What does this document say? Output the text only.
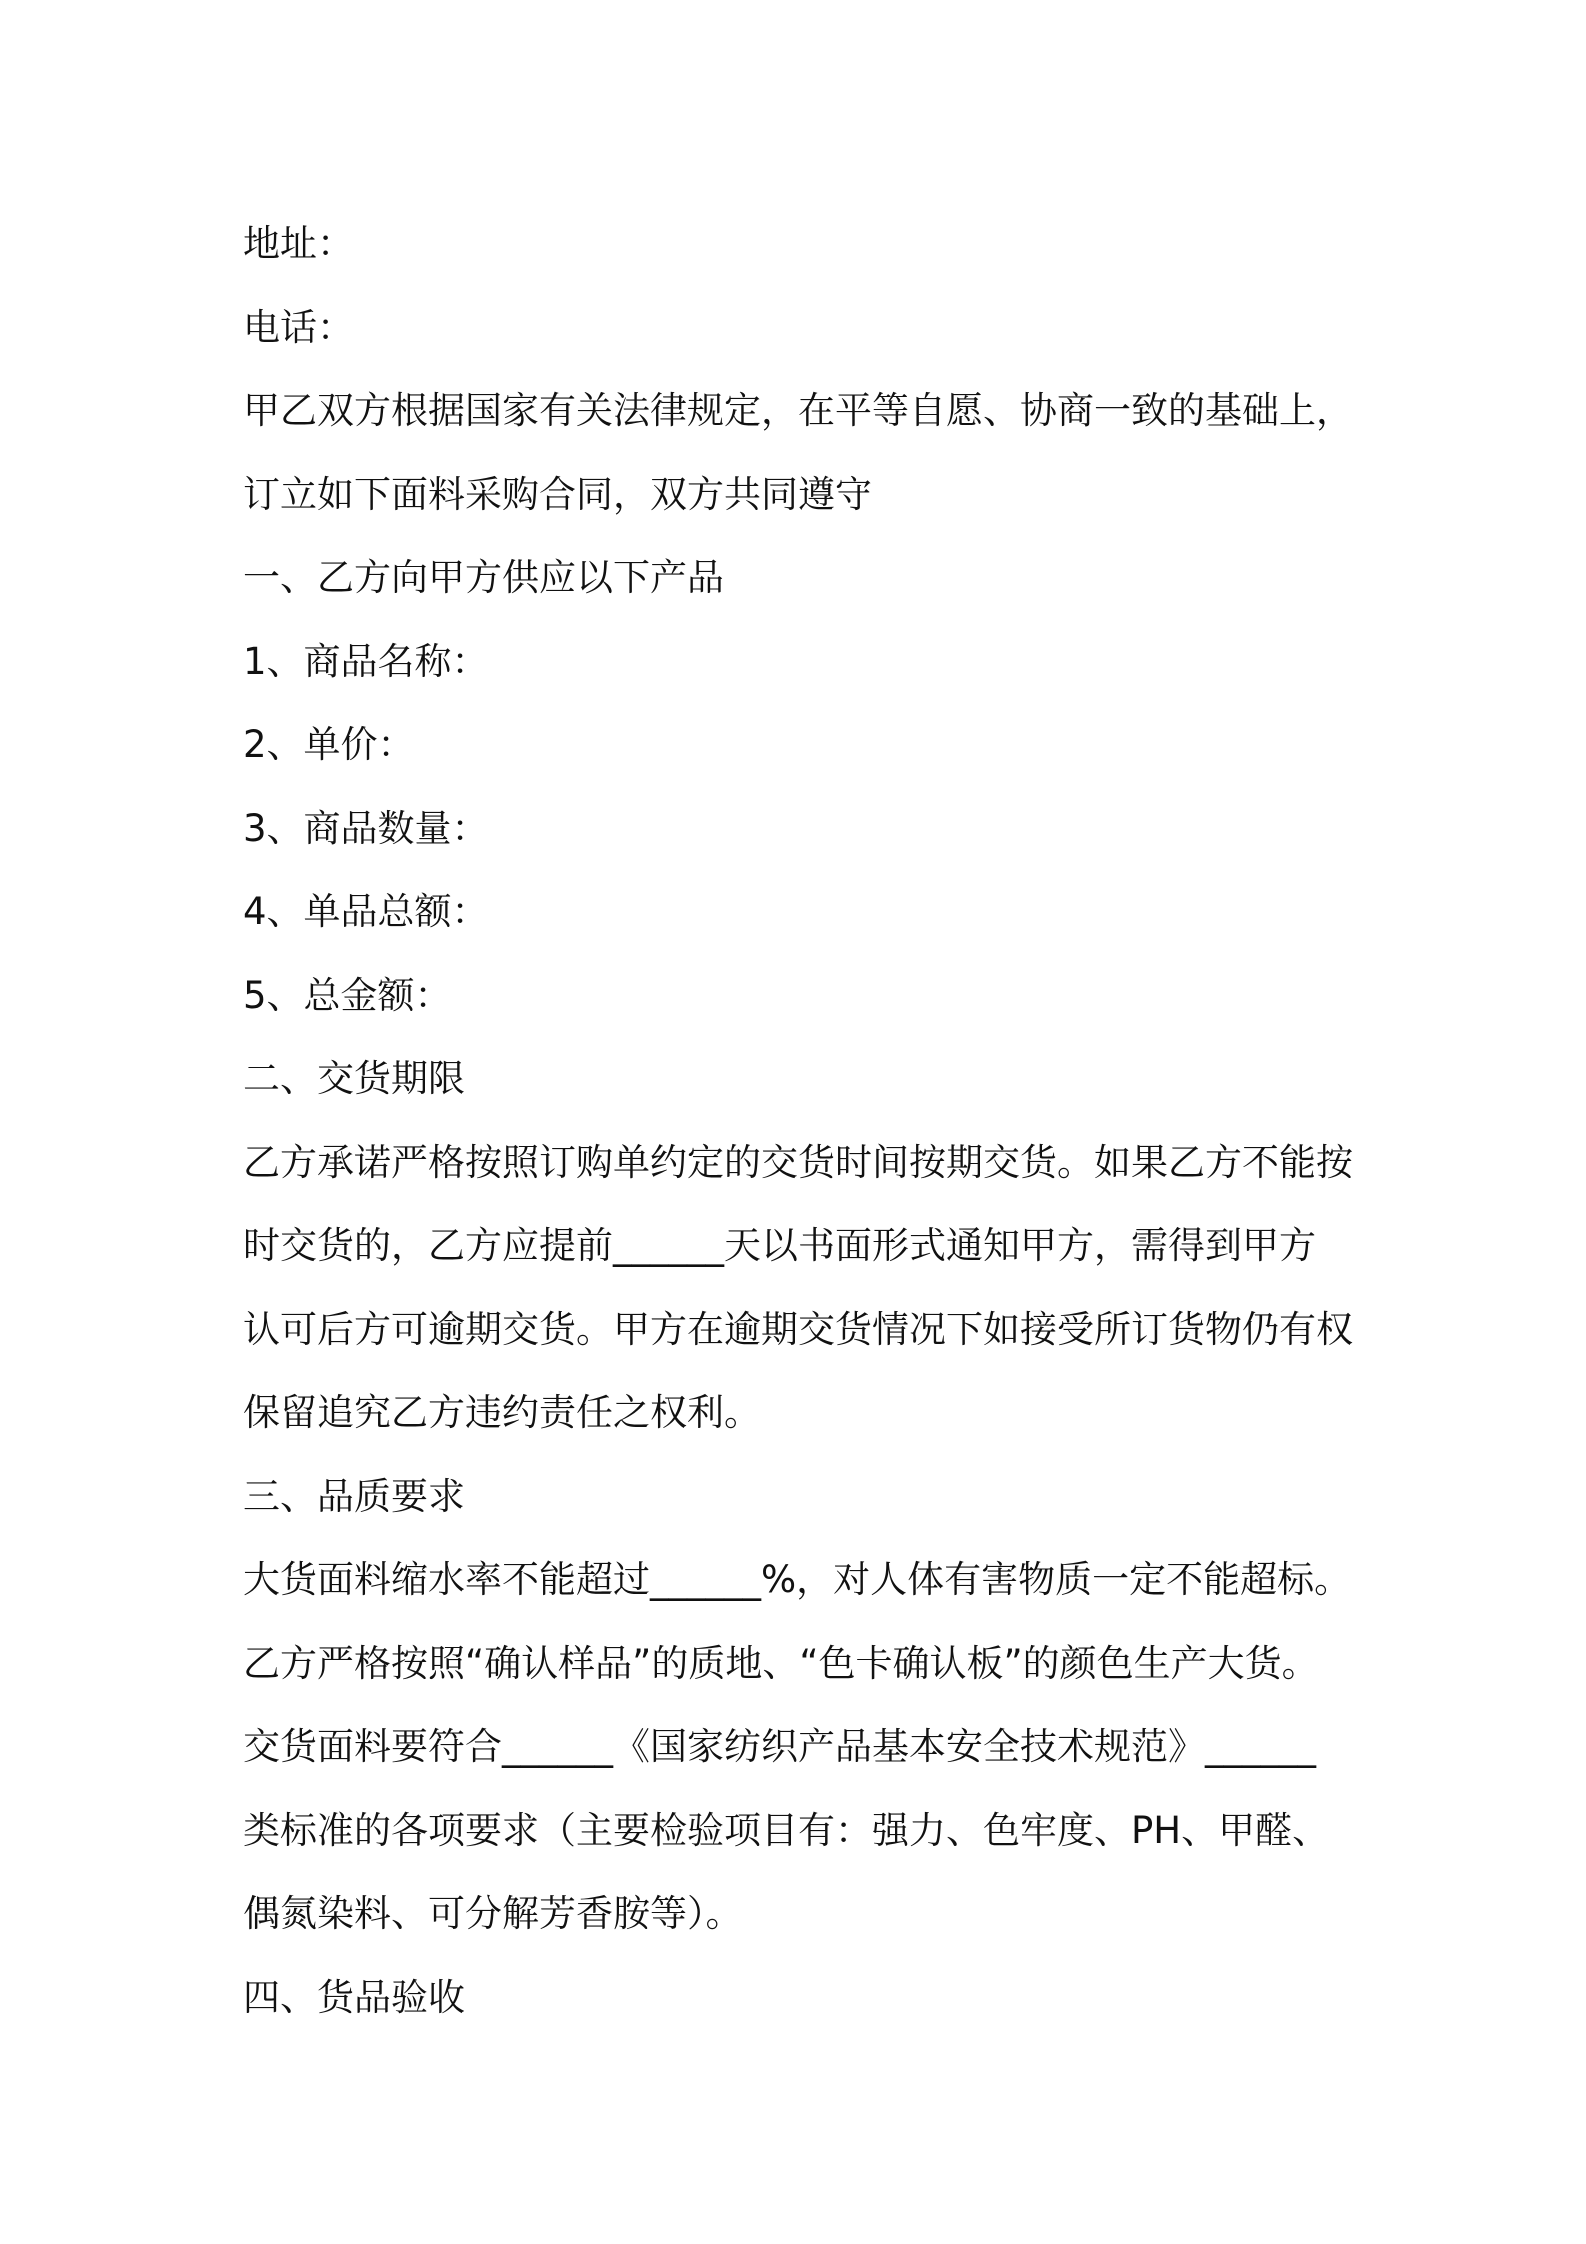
地址：
电话：
甲乙双方根据国家有关法律规定，在平等自愿、协商一致的基础上，
订立如下面料采购合同，双方共同遵守
一、乙方向甲方供应以下产品
1、商品名称：
2、单价：
3、商品数量：
4、单品总额：
5、总金额：
二、交货期限
乙方承诺严格按照订购单约定的交货时间按期交货。如果乙方不能按
时交货的，乙方应提前______天以书面形式通知甲方，需得到甲方
认可后方可逾期交货。甲方在逾期交货情况下如接受所订货物仍有权
保留追究乙方违约责任之权利。
三、品质要求
大货面料缩水率不能超过______%，对人体有害物质一定不能超标。
乙方严格按照“确认样品”的质地、“色卡确认板”的颜色生产大货。
交货面料要符合______《国家纺织产品基本安全技术规范》______
类标准的各项要求（主要检验项目有：强力、色牢度、PH、甲醛、
偶氮染料、可分解芳香胺等）。
四、货品验收
